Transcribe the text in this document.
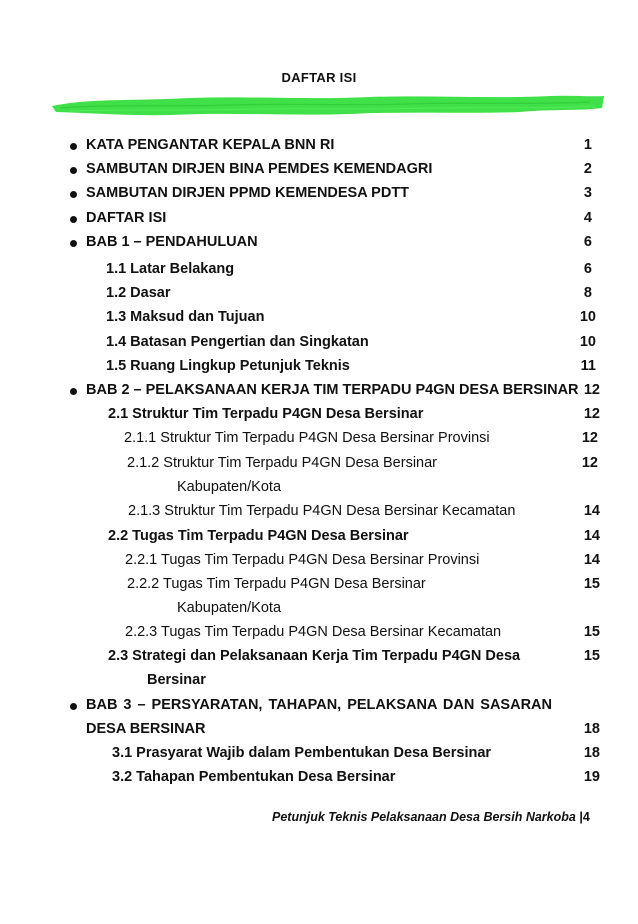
DAFTAR ISI
KATA PENGANTAR KEPALA BNN RI	1
SAMBUTAN DIRJEN BINA PEMDES KEMENDAGRI	2
SAMBUTAN DIRJEN PPMD KEMENDESA PDTT	3
DAFTAR ISI	4
BAB 1 – PENDAHULUAN	6
1.1 Latar Belakang	6
1.2 Dasar	8
1.3 Maksud dan Tujuan	10
1.4 Batasan Pengertian dan Singkatan	10
1.5 Ruang Lingkup Petunjuk Teknis	11
BAB 2 – PELAKSANAAN KERJA TIM TERPADU P4GN DESA BERSINAR 12
2.1 Struktur Tim Terpadu P4GN Desa Bersinar	12
2.1.1 Struktur Tim Terpadu P4GN Desa Bersinar Provinsi	12
2.1.2 Struktur Tim Terpadu P4GN Desa Bersinar	12
Kabupaten/Kota
2.1.3 Struktur Tim Terpadu P4GN Desa Bersinar Kecamatan	14
2.2 Tugas Tim Terpadu P4GN Desa Bersinar	14
2.2.1 Tugas Tim Terpadu P4GN Desa Bersinar Provinsi	14
2.2.2 Tugas Tim Terpadu P4GN Desa Bersinar	15
Kabupaten/Kota
2.2.3 Tugas Tim Terpadu P4GN Desa Bersinar Kecamatan	15
2.3 Strategi dan Pelaksanaan Kerja Tim Terpadu P4GN Desa	15
Bersinar
BAB 3 – PERSYARATAN, TAHAPAN, PELAKSANA DAN SASARAN
DESA BERSINAR	18
3.1 Prasyarat Wajib dalam Pembentukan Desa Bersinar	18
3.2 Tahapan Pembentukan Desa Bersinar	19
Petunjuk Teknis Pelaksanaan Desa Bersih Narkoba |4
